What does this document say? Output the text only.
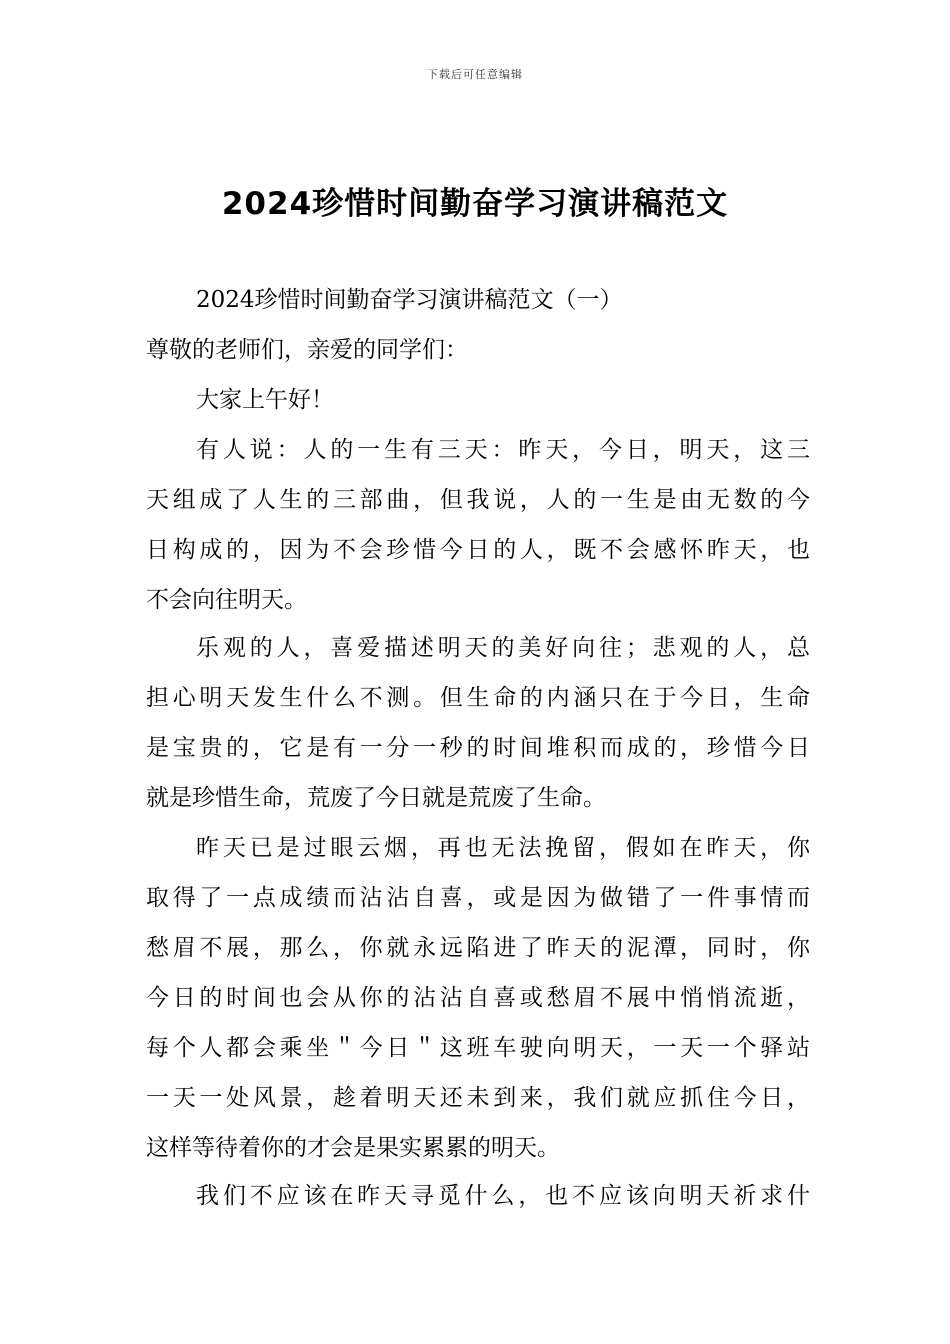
下载后可任意编辑
2024珍惜时间勤奋学习演讲稿范文
2024珍惜时间勤奋学习演讲稿范文（一）
尊敬的老师们，亲爱的同学们：
大家上午好！
有人说：人的一生有三天：昨天，今日，明天，这三
天组成了人生的三部曲，但我说，人的一生是由无数的今
日构成的，因为不会珍惜今日的人，既不会感怀昨天，也
不会向往明天。
乐观的人，喜爱描述明天的美好向往；悲观的人，总
担心明天发生什么不测。但生命的内涵只在于今日，生命
是宝贵的，它是有一分一秒的时间堆积而成的，珍惜今日
就是珍惜生命，荒废了今日就是荒废了生命。
昨天已是过眼云烟，再也无法挽留，假如在昨天，你
取得了一点成绩而沾沾自喜，或是因为做错了一件事情而
愁眉不展，那么，你就永远陷进了昨天的泥潭，同时，你
今日的时间也会从你的沾沾自喜或愁眉不展中悄悄流逝，
每个人都会乘坐＂今日＂这班车驶向明天，一天一个驿站
一天一处风景，趁着明天还未到来，我们就应抓住今日，
这样等待着你的才会是果实累累的明天。
我们不应该在昨天寻觅什么，也不应该向明天祈求什
